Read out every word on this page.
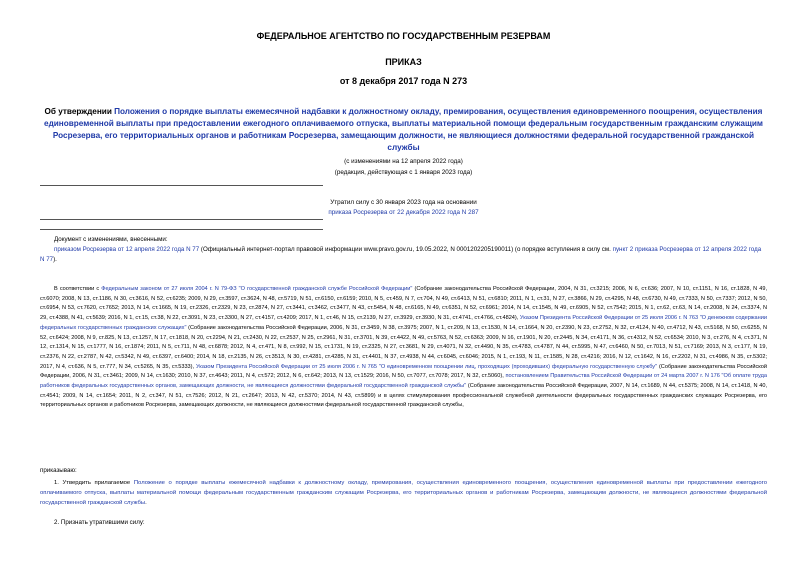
ФЕДЕРАЛЬНОЕ АГЕНТСТВО ПО ГОСУДАРСТВЕННЫМ РЕЗЕРВАМ
ПРИКАЗ
от 8 декабря 2017 года N 273
Об утверждении Положения о порядке выплаты ежемесячной надбавки к должностному окладу, премирования, осуществления единовременного поощрения, осуществления единовременной выплаты при предоставлении ежегодного оплачиваемого отпуска, выплаты материальной помощи федеральным государственным гражданским служащим Росрезерва, его территориальных органов и работникам Росрезерва, замещающим должности, не являющиеся должностями федеральной государственной гражданской службы
(с изменениями на 12 апреля 2022 года)
(редакция, действующая с 1 января 2023 года)
Утратил силу с 30 января 2023 года на основании
приказа Росрезерва от 22 декабря 2022 года N 287
Документ с изменениями, внесенными:
приказом Росрезерва от 12 апреля 2022 года N 77 (Официальный интернет-портал правовой информации www.pravo.gov.ru, 19.05.2022, N 0001202205190011) (о порядке вступления в силу см. пункт 2 приказа Росрезерва от 12 апреля 2022 года N 77).

В соответствии с Федеральным законом от 27 июля 2004 г. N 79-ФЗ "О государственной гражданской службе Российской Федерации" (Собрание законодательства Российской Федерации, 2004, N 31, ст.3215; 2006, N 6, ст.636; 2007, N 10, ст.1151, N 16, ст.1828, N 49, ст.6070; 2008, N 13, ст.1186, N 30, ст.3616, N 52, ст.6235; 2009, N 29, ст.3597, ст.3624, N 48, ст.5719, N 51, ст.6150, ст.6159; 2010, N 5, ст.459, N 7, ст.704, N 49, ст.6413, N 51, ст.6810; 2011, N 1, ст.31, N 27, ст.3866, N 29, ст.4295, N 48, ст.6730, N 49, ст.7333, N 50, ст.7337; 2012, N 50, ст.6954, N 53, ст.7620, ст.7652; 2013, N 14, ст.1665, N 19, ст.2326, ст.2329, N 23, ст.2874, N 27, ст.3441, ст.3462, ст.3477, N 43, ст.5454, N 48, ст.6165, N 49, ст.6351, N 52, ст.6961; 2014, N 14, ст.1545, N 49, ст.6905, N 52, ст.7542; 2015, N 1, ст.62, ст.63, N 14, ст.2008, N 24, ст.3374, N 29, ст.4388, N 41, ст.5639; 2016, N 1, ст.15, ст.38, N 22, ст.3091, N 23, ст.3300, N 27, ст.4157, ст.4209; 2017, N 1, ст.46, N 15, ст.2139, N 27, ст.3929, ст.3930, N 31, ст.4741, ст.4766, ст.4824), Указом Президента Российской Федерации от 25 июля 2006 г. N 763 "О денежном содержании федеральных государственных гражданских служащих" (Собрание законодательства Российской Федерации, 2006, N 31, ст.3459, N 38, ст.3975; 2007, N 1, ст.209, N 13, ст.1530, N 14, ст.1664, N 20, ст.2390, N 23, ст.2752, N 32, ст.4124, N 40, ст.4712, N 43, ст.5168, N 50, ст.6255, N 52, ст.6424; 2008, N 9, ст.825, N 13, ст.1257, N 17, ст.1818, N 20, ст.2294, N 21, ст.2430, N 22, ст.2537, N 25, ст.2961, N 31, ст.3701, N 39, ст.4422, N 49, ст.5763, N 52, ст.6363; 2009, N 16, ст.1901, N 20, ст.2445, N 34, ст.4171, N 36, ст.4312, N 52, ст.6534; 2010, N 3, ст.276, N 4, ст.371, N 12, ст.1314, N 15, ст.1777, N 16, ст.1874; 2011, N 5, ст.711, N 48, ст.6878; 2012, N 4, ст.471, N 8, ст.992, N 15, ст.1731, N 19, ст.2325, N 27, ст.3681, N 29, ст.4071, N 32, ст.4490, N 35, ст.4783, ст.4787, N 44, ст.5995, N 47, ст.6460, N 50, ст.7013, N 51, ст.7169; 2013, N 3, ст.177, N 19, ст.2376, N 22, ст.2787, N 42, ст.5342, N 49, ст.6397, ст.6400; 2014, N 18, ст.2135, N 26, ст.3513, N 30, ст.4281, ст.4285, N 31, ст.4401, N 37, ст.4938, N 44, ст.6045, ст.6046; 2015, N 1, ст.193, N 11, ст.1585, N 28, ст.4216; 2016, N 12, ст.1642, N 16, ст.2202, N 31, ст.4986, N 35, ст.5302; 2017, N 4, ст.636, N 5, ст.777, N 34, ст.5265, N 35, ст.5333), Указом Президента Российской Федерации от 25 июля 2006 г. N 765 "О единовременном поощрении лиц, проходящих (проходивших) федеральную государственную службу" (Собрание законодательства Российской Федерации, 2006, N 31, ст.3461; 2009, N 14, ст.1630; 2010, N 37, ст.4643; 2011, N 4, ст.572; 2012, N 6, ст.642; 2013, N 13, ст.1529; 2016, N 50, ст.7077, ст.7078; 2017, N 32, ст.5060), постановлением Правительства Российской Федерации от 24 марта 2007 г. N 176 "Об оплате труда работников федеральных государственных органов, замещающих должности, не являющиеся должностями федеральной государственной гражданской службы" (Собрание законодательства Российской Федерации, 2007, N 14, ст.1689, N 44, ст.5375; 2008, N 14, ст.1418, N 40, ст.4541; 2009, N 14, ст.1654; 2011, N 2, ст.347, N 51, ст.7526; 2012, N 21, ст.2647; 2013, N 42, ст.5370; 2014, N 43, ст.5899) и в целях стимулирования профессиональной служебной деятельности федеральных государственных гражданских служащих Росрезерва, его территориальных органов и работников Росрезерва, замещающих должности, не являющиеся должностями федеральной государственной гражданской службы,

приказываю:

1. Утвердить прилагаемое Положение о порядке выплаты ежемесячной надбавки к должностному окладу, премирования, осуществления единовременного поощрения, осуществления единовременной выплаты при предоставлении ежегодного оплачиваемого отпуска, выплаты материальной помощи федеральным государственным гражданским служащим Росрезерва, его территориальных органов и работникам Росрезерва, замещающим должности, не являющиеся должностями федеральной государственной гражданской службы.

2. Признать утратившими силу:
